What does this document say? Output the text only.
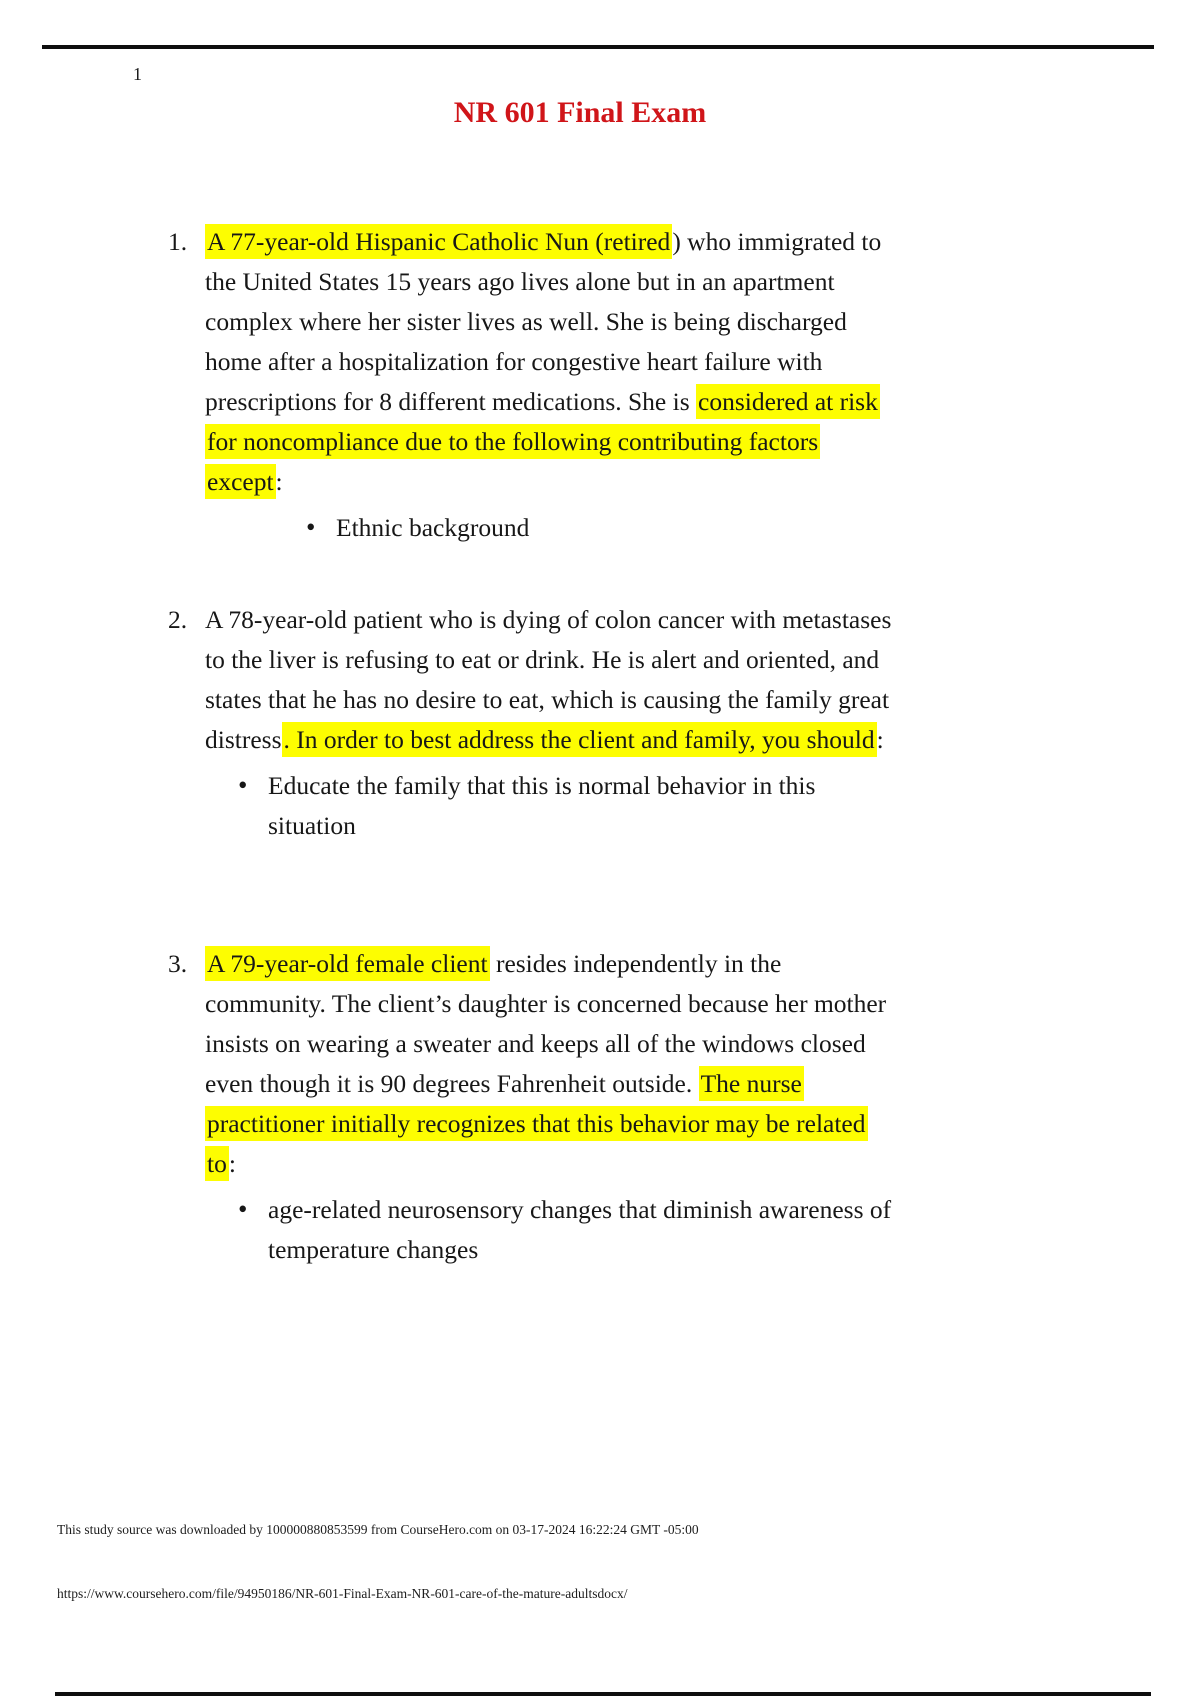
1
NR 601 Final Exam
1. A 77-year-old Hispanic Catholic Nun (retired) who immigrated to
the United States 15 years ago lives alone but in an apartment
complex where her sister lives as well. She is being discharged
home after a hospitalization for congestive heart failure with
prescriptions for 8 different medications. She is considered at risk
for noncompliance due to the following contributing factors
except:
• Ethnic background
2. A 78-year-old patient who is dying of colon cancer with metastases
to the liver is refusing to eat or drink. He is alert and oriented, and
states that he has no desire to eat, which is causing the family great
distress. In order to best address the client and family, you should:
• Educate the family that this is normal behavior in this
situation
3. A 79-year-old female client resides independently in the
community. The client’s daughter is concerned because her mother
insists on wearing a sweater and keeps all of the windows closed
even though it is 90 degrees Fahrenheit outside. The nurse
practitioner initially recognizes that this behavior may be related
to:
• age-related neurosensory changes that diminish awareness of
temperature changes
This study source was downloaded by 100000880853599 from CourseHero.com on 03-17-2024 16:22:24 GMT -05:00
https://www.coursehero.com/file/94950186/NR-601-Final-Exam-NR-601-care-of-the-mature-adultsdocx/
